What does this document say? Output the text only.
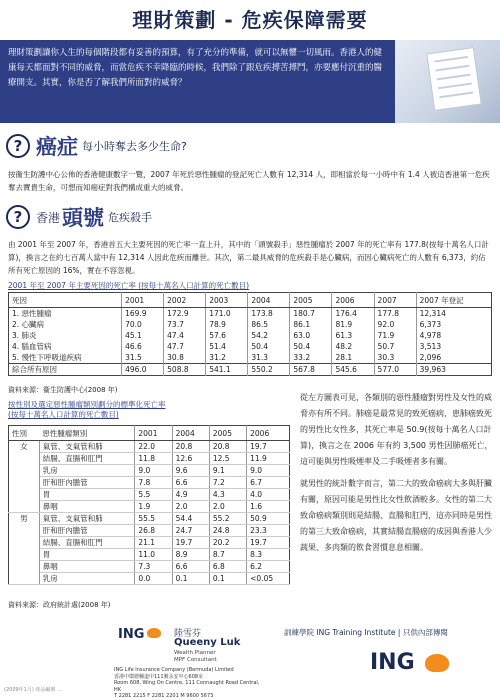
理財策劃 - 危疾保障需要
理財策劃讓你人生的每個階段都有妥善的預算，有了充分的準備，就可以無懼一切風雨。香港人的健康每天都面對不同的威脅，而當危疾不幸降臨的時候，我們除了跟危疾搏苦搏鬥，亦要應付沉重的醫療開支。其實，你是否了解我們所面對的威脅？
? 癌症 每小時奪去多少生命?
按衞生防護中心公佈的香港健康數字一覽，2007 年死於惡性腫瘤的登記死亡人數有 12,314 人，即相當於每一小時中有 1.4 人被這香港第一危疾奪去寶貴生命，可想而知癌症對我們構成重大的威脅。
?	香港 頭號 危疾殺手
由 2001 年至 2007 年，香港首五大主要死因的死亡率一直上升，其中的「頭號殺手」惡性腫瘤於 2007 年的死亡率有 177.8(按每十萬名人口計算)，換言之在約七百萬人當中有 12,314 人因此危疾而離世。其次，第二最具威脅的危疾殺手是心臟病，而因心臟病死亡的人數有 6,373，約佔所有死亡原因的 16%，實在不容忽視。
2001 年至 2007 年主要死因的死亡率 (按每十萬名人口計算的死亡數目)
死因	2001	2002	2003	2004	2005	2006	2007	2007 年登記
1. 惡性腫瘤	169.9	172.9	171.0	173.8	180.7	176.4	177.8	12,314
2. 心臟病	70.0	73.7	78.9	86.5	86.1	81.9	92.0	6,373
3. 肺炎	45.1	47.4	57.6	54.2	63.0	61.3	71.9	4,978
4. 腦血管病	46.6	47.7	51.4	50.4	50.4	48.2	50.7	3,513
5. 慢性下呼吸道疾病	31.5	30.8	31.2	31.3	33.2	28.1	30.3	2,096
綜合所有原因	496.0	508.8	541.1	550.2	567.8	545.6	577.0	39,963
資料來源：衞生防護中心(2008 年)
按性別及選定惡性腫瘤類別劃分的標準化死亡率
(按每十萬名人口計算的死亡數目)
性別	惡性腫瘤類別	2001	2004	2005	2006
女	氣管、支氣管和肺	22.0	20.8	20.8	19.7
	結腸、直腸和肛門	11.8	12.6	12.5	11.9
	乳房	9.0	9.6	9.1	9.0
	肝和肝內膽管	7.8	6.6	7.2	6.7
	胃	5.5	4.9	4.3	4.0
	鼻咽	1.9	2.0	2.0	1.6
男	氣管、支氣管和肺	55.5	54.4	55.2	50.9
	肝和肝內膽管	26.8	24.7	24.8	23.3
	結腸、直腸和肛門	21.1	19.7	20.2	19.7
	胃	11.0	8.9	8.7	8.3
	鼻咽	7.3	6.6	6.8	6.2
	乳房	0.0	0.1	0.1	<0.05
資料來源：政府統計處(2008 年)

從左方圖表可見，各類別的惡性腫瘤對男性及女性的威脅亦有所不同。肺癌是最常見的致死癌病，患肺癌致死的男性比女性多，其死亡率是 50.9(按每十萬名人口計算)，換言之在 2006 年有約 3,500 男性因肺癌死亡，這可能與男性吸煙率及二手吸煙者多有關。

就男性的統計數字而言，第二大的致命癌病大多與肝臟有關，原因可能是男性比女性飲酒較多。女性的第二大致命癌病類別則是結腸、直腸和肛門，這亦同時是男性的第三大致命癌病，其實結腸直腸癌的成因與香港人少蔬果、多肉類的飲食習慣息息相關。

ING	陸雪芬
Queeny Luk
Wealth Planner
MPF Consultant
ING Life Insurance Company (Bermuda) Limited
香港中環德輔道中111號永安中心608室
Room 608, Wing On Centre, 111 Connaught Road Central, HK
T 2281 2215 F 2281 2201 M 9600 5673
訓練學院 ING Training Institute | 只供內部傳閱
ING
(2009年1月) 產品編號 ...
